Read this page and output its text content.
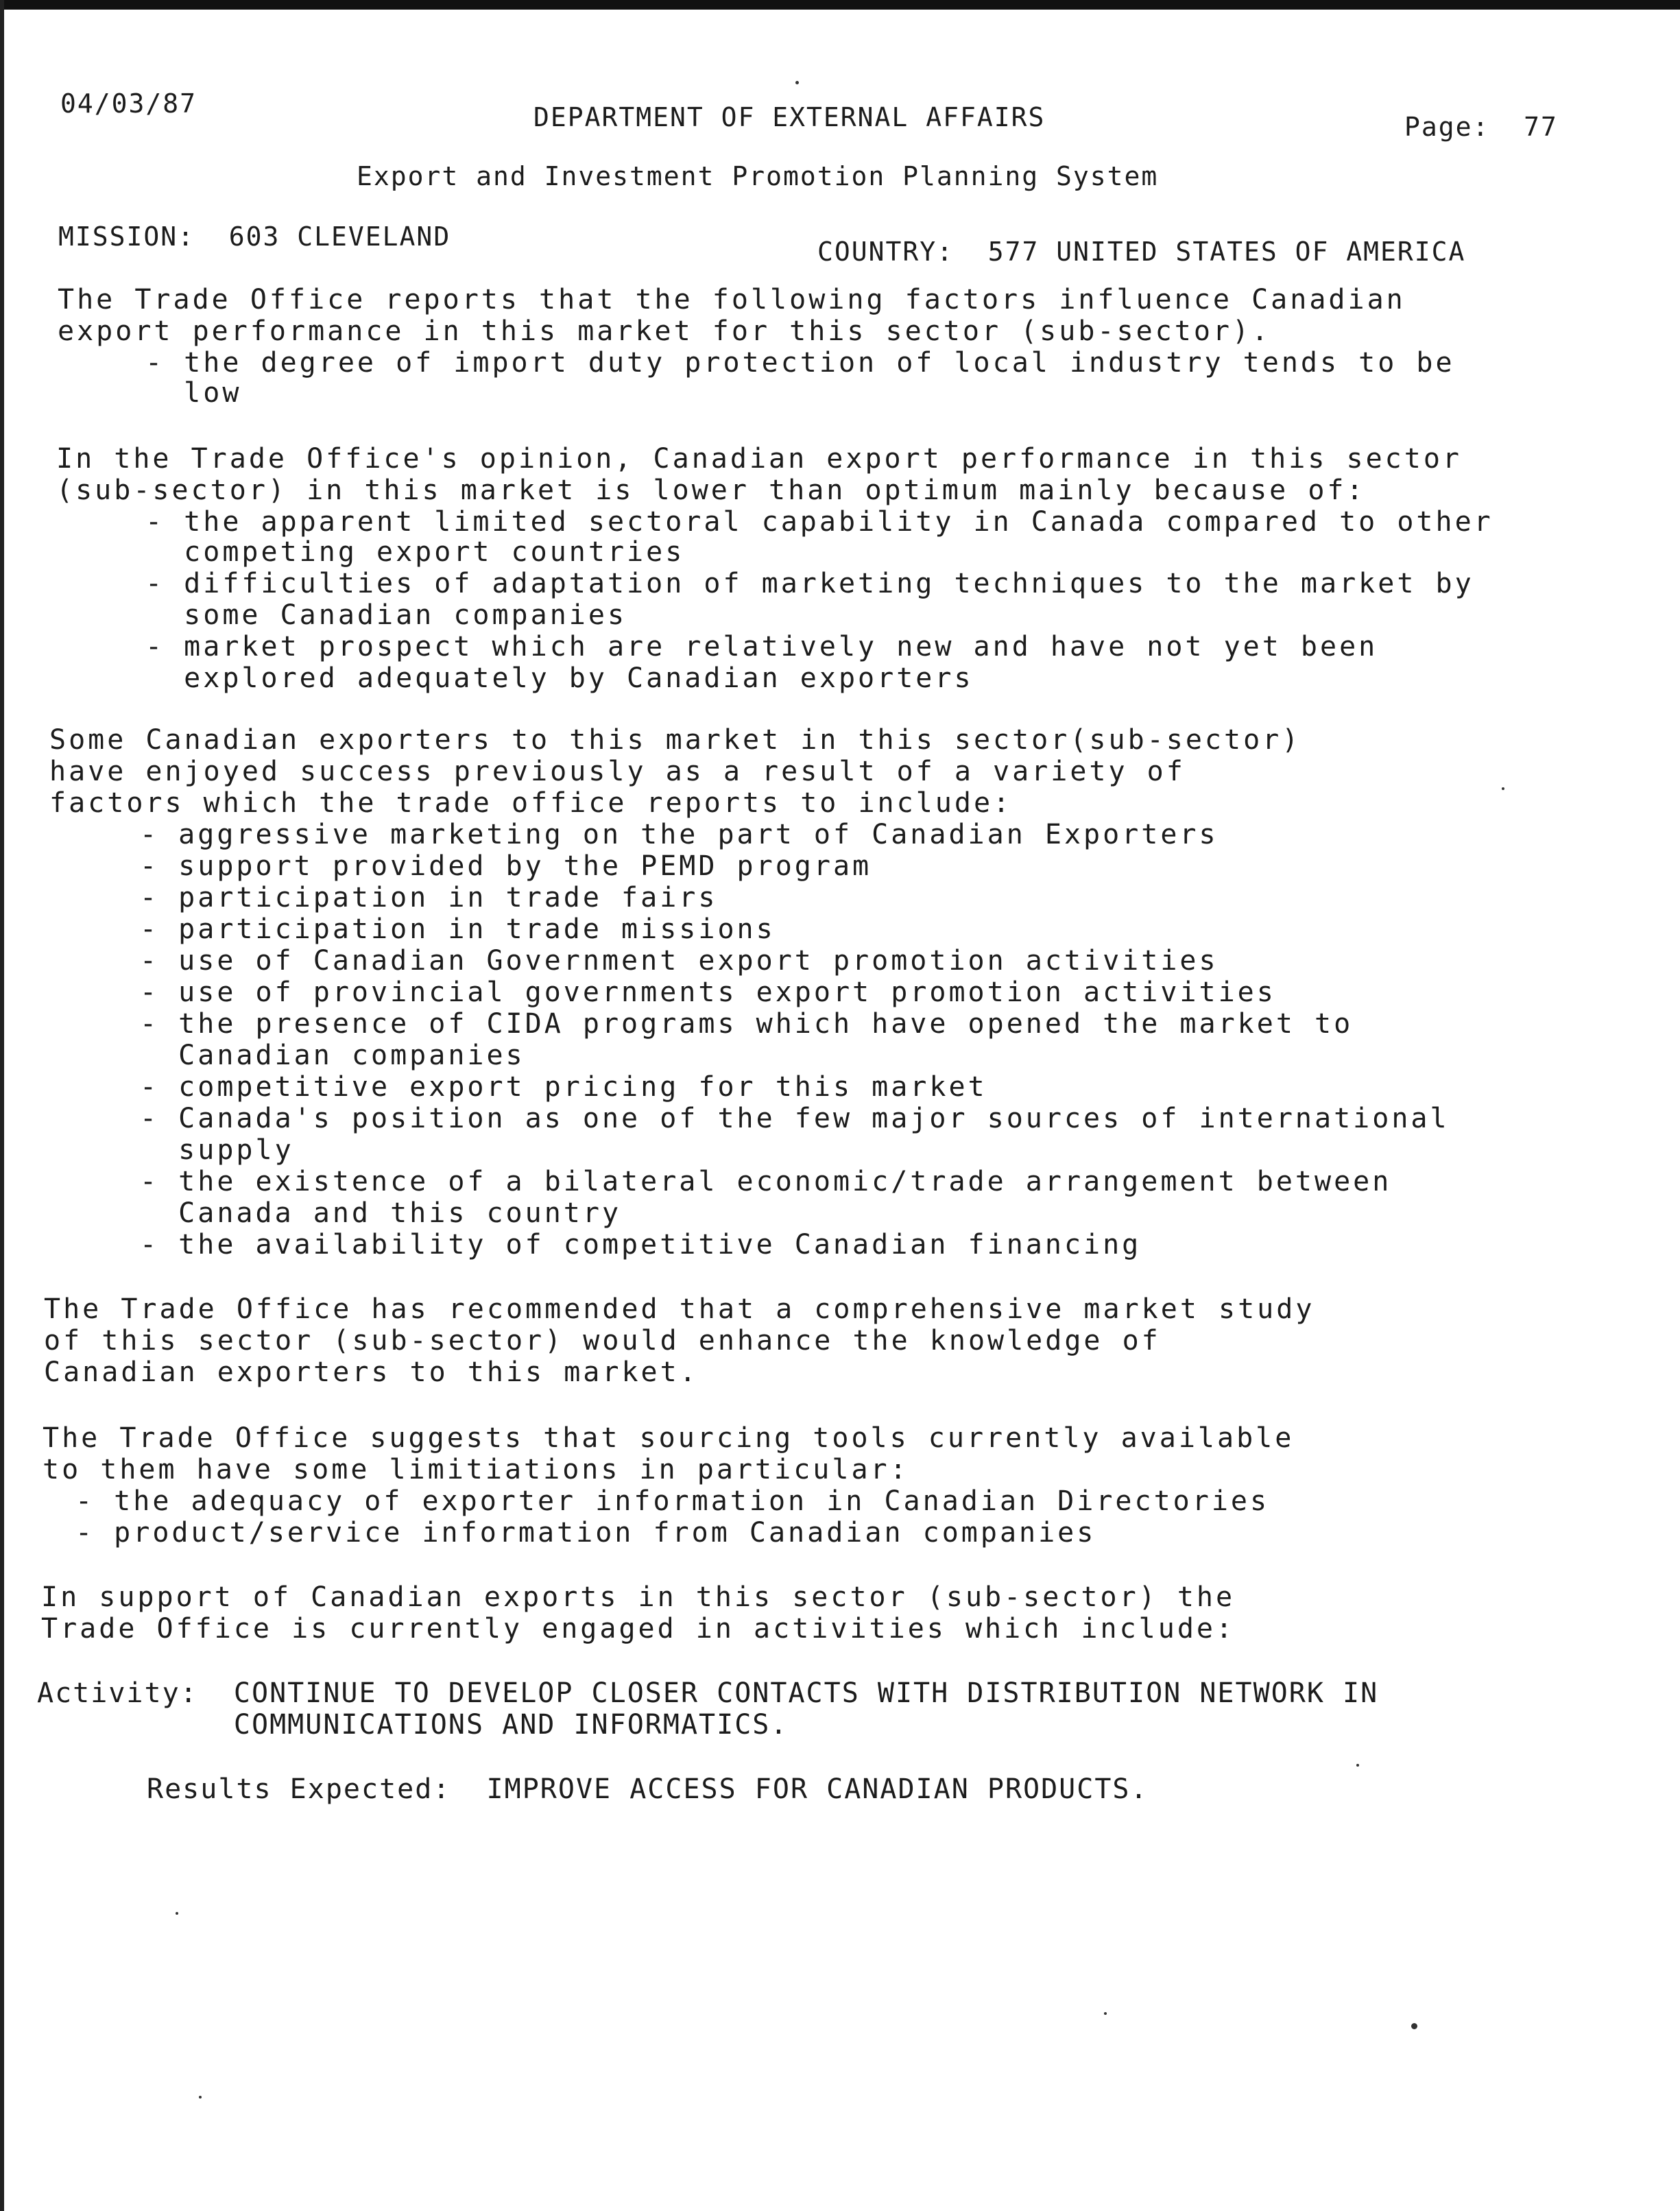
04/03/87	DEPARTMENT OF EXTERNAL AFFAIRS	Page:  77
Export and Investment Promotion Planning System
MISSION:  603 CLEVELAND	COUNTRY:  577 UNITED STATES OF AMERICA
The Trade Office reports that the following factors influence Canadian
export performance in this market for this sector (sub-sector).
- the degree of import duty protection of local industry tends to be
low
In the Trade Office's opinion, Canadian export performance in this sector
(sub-sector) in this market is lower than optimum mainly because of:
- the apparent limited sectoral capability in Canada compared to other
competing export countries
- difficulties of adaptation of marketing techniques to the market by
some Canadian companies
- market prospect which are relatively new and have not yet been
explored adequately by Canadian exporters
Some Canadian exporters to this market in this sector(sub-sector)
have enjoyed success previously as a result of a variety of
factors which the trade office reports to include:
- aggressive marketing on the part of Canadian Exporters
- support provided by the PEMD program
- participation in trade fairs
- participation in trade missions
- use of Canadian Government export promotion activities
- use of provincial governments export promotion activities
- the presence of CIDA programs which have opened the market to
Canadian companies
- competitive export pricing for this market
- Canada's position as one of the few major sources of international
supply
- the existence of a bilateral economic/trade arrangement between
Canada and this country
- the availability of competitive Canadian financing
The Trade Office has recommended that a comprehensive market study
of this sector (sub-sector) would enhance the knowledge of
Canadian exporters to this market.
The Trade Office suggests that sourcing tools currently available
to them have some limitiations in particular:
- the adequacy of exporter information in Canadian Directories
- product/service information from Canadian companies
In support of Canadian exports in this sector (sub-sector) the
Trade Office is currently engaged in activities which include:
Activity:  CONTINUE TO DEVELOP CLOSER CONTACTS WITH DISTRIBUTION NETWORK IN
COMMUNICATIONS AND INFORMATICS.
Results Expected:  IMPROVE ACCESS FOR CANADIAN PRODUCTS.
